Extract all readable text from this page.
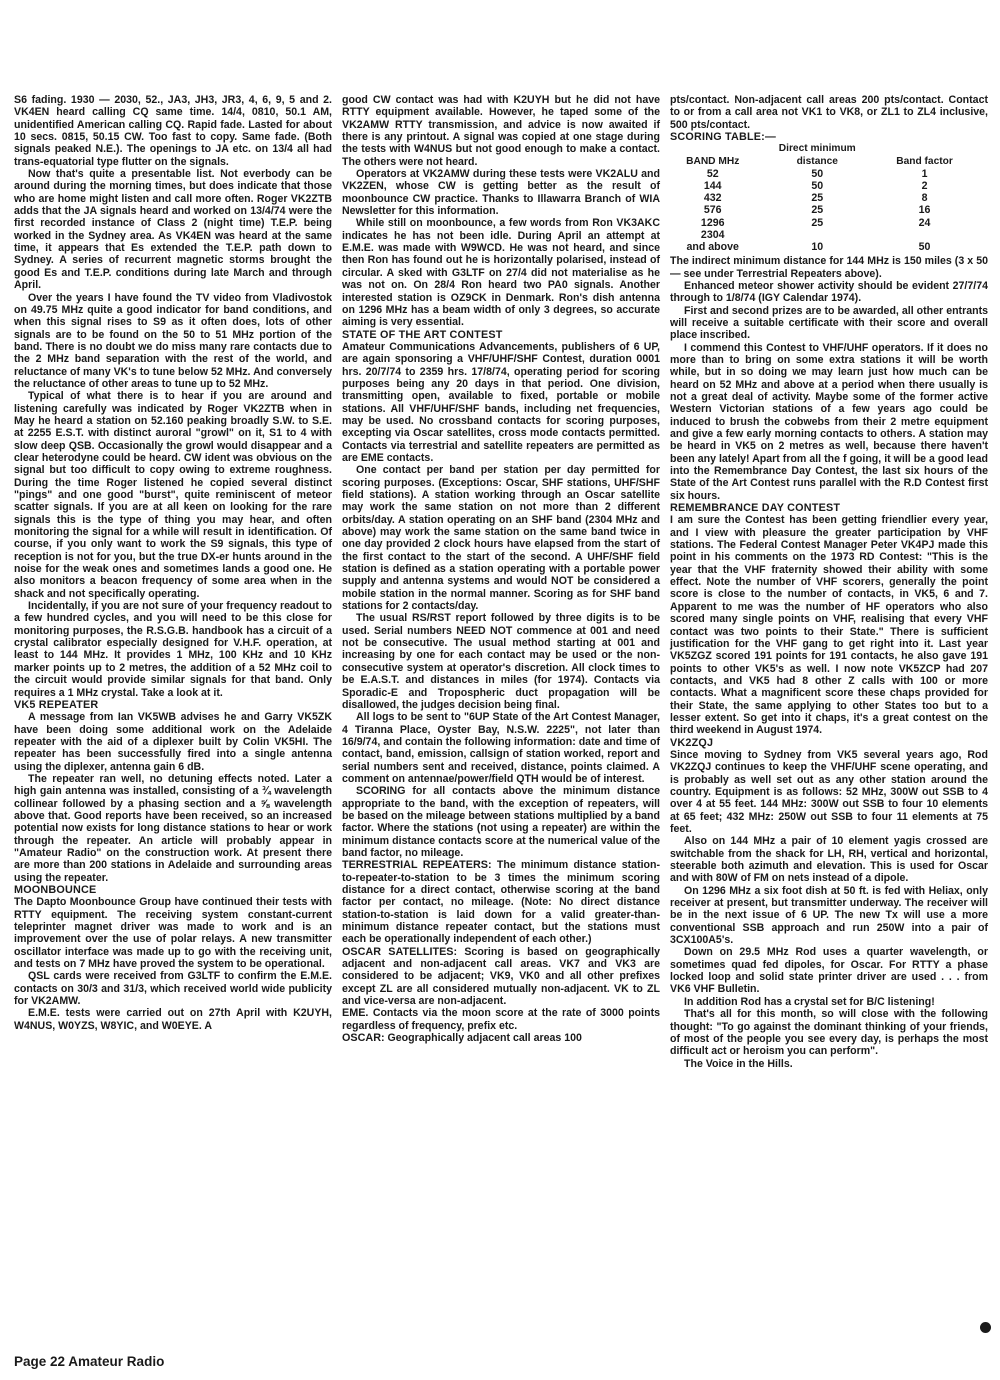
S6 fading. 1930 — 2030, 52., JA3, JH3, JR3, 4, 6, 9, 5 and 2. VK4EN heard calling CQ same time. 14/4, 0810, 50.1 AM, unidentified American calling CQ. Rapid fade. Lasted for about 10 secs. 0815, 50.15 CW. Too fast to copy. Same fade. (Both signals peaked N.E.). The openings to JA etc. on 13/4 all had trans-equatorial type flutter on the signals.

Now that's quite a presentable list. Not everbody can be around during the morning times, but does indicate that those who are home might listen and call more often. Roger VK2ZTB adds that the JA signals heard and worked on 13/4/74 were the first recorded instance of Class 2 (night time) T.E.P. being worked in the Sydney area. As VK4EN was heard at the same time, it appears that Es extended the T.E.P. path down to Sydney. A series of recurrent magnetic storms brought the good Es and T.E.P. conditions during late March and through April.

Over the years I have found the TV video from Vladivostok on 49.75 MHz quite a good indicator for band conditions, and when this signal rises to S9 as it often does, lots of other signals are to be found on the 50 to 51 MHz portion of the band. There is no doubt we do miss many rare contacts due to the 2 MHz band separation with the rest of the world, and reluctance of many VK's to tune below 52 MHz. And conversely the reluctance of other areas to tune up to 52 MHz.

Typical of what there is to hear if you are around and listening carefully was indicated by Roger VK2ZTB when in May he heard a station on 52.160 peaking broadly S.W. to S.E. at 2255 E.S.T. with distinct auroral "growl" on it, S1 to 4 with slow deep QSB. Occasionally the growl would disappear and a clear heterodyne could be heard. CW ident was obvious on the signal but too difficult to copy owing to extreme roughness. During the time Roger listened he copied several distinct "pings" and one good "burst", quite reminiscent of meteor scatter signals. If you are at all keen on looking for the rare signals this is the type of thing you may hear, and often monitoring the signal for a while will result in identification. Of course, if you only want to work the S9 signals, this type of reception is not for you, but the true DX-er hunts around in the noise for the weak ones and sometimes lands a good one. He also monitors a beacon frequency of some area when in the shack and not specifically operating.

Incidentally, if you are not sure of your frequency readout to a few hundred cycles, and you will need to be this close for monitoring purposes, the R.S.G.B. handbook has a circuit of a crystal calibrator especially designed for V.H.F. operation, at least to 144 MHz. It provides 1 MHz, 100 KHz and 10 KHz marker points up to 2 metres, the addition of a 52 MHz coil to the circuit would provide similar signals for that band. Only requires a 1 MHz crystal. Take a look at it.

VK5 REPEATER

A message from Ian VK5WB advises he and Garry VK5ZK have been doing some additional work on the Adelaide repeater with the aid of a diplexer built by Colin VK5HI. The repeater has been successfully fired into a single antenna using the diplexer, antenna gain 6 dB.

The repeater ran well, no detuning effects noted. Later a high gain antenna was installed, consisting of a ¾ wavelength collinear followed by a phasing section and a ⅝ wavelength above that. Good reports have been received, so an increased potential now exists for long distance stations to hear or work through the repeater. An article will probably appear in "Amateur Radio" on the construction work. At present there are more than 200 stations in Adelaide and surrounding areas using the repeater.

MOONBOUNCE

The Dapto Moonbounce Group have continued their tests with RTTY equipment. The receiving system constant-current teleprinter magnet driver was made to work and is an improvement over the use of polar relays. A new transmitter oscillator interface was made up to go with the receiving unit, and tests on 7 MHz have proved the system to be operational.

QSL cards were received from G3LTF to confirm the E.M.E. contacts on 30/3 and 31/3, which received world wide publicity for VK2AMW.

E.M.E. tests were carried out on 27th April with K2UYH, W4NUS, W0YZS, W8YIC, and W0EYE. A

good CW contact was had with K2UYH but he did not have RTTY equipment available. However, he taped some of the VK2AMW RTTY transmission, and advice is now awaited if there is any printout. A signal was copied at one stage during the tests with W4NUS but not good enough to make a contact. The others were not heard.

Operators at VK2AMW during these tests were VK2ALU and VK2ZEN, whose CW is getting better as the result of moonbounce CW practice. Thanks to Illawarra Branch of WIA Newsletter for this information.

While still on moonbounce, a few words from Ron VK3AKC indicates he has not been idle. During April an attempt at E.M.E. was made with W9WCD. He was not heard, and since then Ron has found out he is horizontally polarised, instead of circular. A sked with G3LTF on 27/4 did not materialise as he was not on. On 28/4 Ron heard two PA0 signals. Another interested station is OZ9CK in Denmark. Ron's dish antenna on 1296 MHz has a beam width of only 3 degrees, so accurate aiming is very essential.

STATE OF THE ART CONTEST

Amateur Communications Advancements, publishers of 6 UP, are again sponsoring a VHF/UHF/SHF Contest, duration 0001 hrs. 20/7/74 to 2359 hrs. 17/8/74, operating period for scoring purposes being any 20 days in that period. One division, transmitting open, available to fixed, portable or mobile stations. All VHF/UHF/SHF bands, including net frequencies, may be used. No crossband contacts for scoring purposes, excepting via Oscar satellites, cross mode contacts permitted. Contacts via terrestrial and satellite repeaters are permitted as are EME contacts.

One contact per band per station per day permitted for scoring purposes. (Exceptions: Oscar, SHF stations, UHF/SHF field stations). A station working through an Oscar satellite may work the same station on not more than 2 different orbits/day. A station operating on an SHF band (2304 MHz and above) may work the same station on the same band twice in one day provided 2 clock hours have elapsed from the start of the first contact to the start of the second. A UHF/SHF field station is defined as a station operating with a portable power supply and antenna systems and would NOT be considered a mobile station in the normal manner. Scoring as for SHF band stations for 2 contacts/day.

The usual RS/RST report followed by three digits is to be used. Serial numbers NEED NOT commence at 001 and need not be consecutive. The usual method starting at 001 and increasing by one for each contact may be used or the non-consecutive system at operator's discretion. All clock times to be E.A.S.T. and distances in miles (for 1974). Contacts via Sporadic-E and Tropospheric duct propagation will be disallowed, the judges decision being final.

All logs to be sent to "6UP State of the Art Contest Manager, 4 Tiranna Place, Oyster Bay, N.S.W. 2225", not later than 16/9/74, and contain the following information: date and time of contact, band, emission, callsign of station worked, report and serial numbers sent and received, distance, points claimed. A comment on antennae/power/field QTH would be of interest.

SCORING for all contacts above the minimum distance appropriate to the band, with the exception of repeaters, will be based on the mileage between stations multiplied by a band factor. Where the stations (not using a repeater) are within the minimum distance contacts score at the numerical value of the band factor, no mileage.

TERRESTRIAL REPEATERS: The minimum distance station-to-repeater-to-station to be 3 times the minimum scoring distance for a direct contact, otherwise scoring at the band factor per contact, no mileage. (Note: No direct distance station-to-station is laid down for a valid greater-than-minimum distance repeater contact, but the stations must each be operationally independent of each other.)

OSCAR SATELLITES: Scoring is based on geographically adjacent and non-adjacent call areas. VK7 and VK3 are considered to be adjacent; VK9, VK0 and all other prefixes except ZL are all considered mutually non-adjacent. VK to ZL and vice-versa are non-adjacent.

EME. Contacts via the moon score at the rate of 3000 points regardless of frequency, prefix etc.

OSCAR: Geographically adjacent call areas 100

pts/contact. Non-adjacent call areas 200 pts/contact. Contact to or from a call area not VK1 to VK8, or ZL1 to ZL4 inclusive, 500 pts/contact.

SCORING TABLE:—
	Direct minimum	
BAND MHz	distance	Band factor
52	50	1
144	50	2
432	25	8
576	25	16
1296	25	24
2304		
and above	10	50

The indirect minimum distance for 144 MHz is 150 miles (3 x 50 — see under Terrestrial Repeaters above).

Enhanced meteor shower activity should be evident 27/7/74 through to 1/8/74 (IGY Calendar 1974).

First and second prizes are to be awarded, all other entrants will receive a suitable certificate with their score and overall place inscribed.

I commend this Contest to VHF/UHF operators. If it does no more than to bring on some extra stations it will be worth while, but in so doing we may learn just how much can be heard on 52 MHz and above at a period when there usually is not a great deal of activity. Maybe some of the former active Western Victorian stations of a few years ago could be induced to brush the cobwebs from their 2 metre equipment and give a few early morning contacts to others. A station may be heard in VK5 on 2 metres as well, because there haven't been any lately! Apart from all the f going, it will be a good lead into the Remembrance Day Contest, the last six hours of the State of the Art Contest runs parallel with the R.D Contest first six hours.

REMEMBRANCE DAY CONTEST

I am sure the Contest has been getting friendlier every year, and I view with pleasure the greater participation by VHF stations. The Federal Contest Manager Peter VK4PJ made this point in his comments on the 1973 RD Contest: "This is the year that the VHF fraternity showed their ability with some effect. Note the number of VHF scorers, generally the point score is close to the number of contacts, in VK5, 6 and 7. Apparent to me was the number of HF operators who also scored many single points on VHF, realising that every VHF contact was two points to their State." There is sufficient justification for the VHF gang to get right into it. Last year VK5ZGZ scored 191 points for 191 contacts, he also gave 191 points to other VK5's as well. I now note VK5ZCP had 207 contacts, and VK5 had 8 other Z calls with 100 or more contacts. What a magnificent score these chaps provided for their State, the same applying to other States too but to a lesser extent. So get into it chaps, it's a great contest on the third weekend in August 1974.

VK2ZQJ

Since moving to Sydney from VK5 several years ago, Rod VK2ZQJ continues to keep the VHF/UHF scene operating, and is probably as well set out as any other station around the country. Equipment is as follows: 52 MHz, 300W out SSB to 4 over 4 at 55 feet. 144 MHz: 300W out SSB to four 10 elements at 65 feet; 432 MHz: 250W out SSB to four 11 elements at 75 feet.

Also on 144 MHz a pair of 10 element yagis crossed are switchable from the shack for LH, RH, vertical and horizontal, steerable both azimuth and elevation. This is used for Oscar and with 80W of FM on nets instead of a dipole.

On 1296 MHz a six foot dish at 50 ft. is fed with Heliax, only receiver at present, but transmitter underway. The receiver will be in the next issue of 6 UP. The new Tx will use a more conventional SSB approach and run 250W into a pair of 3CX100A5's.

Down on 29.5 MHz Rod uses a quarter wavelength, or sometimes quad fed dipoles, for Oscar. For RTTY a phase locked loop and solid state printer driver are used . . . from VK6 VHF Bulletin.

In addition Rod has a crystal set for B/C listening!

That's all for this month, so will close with the following thought: "To go against the dominant thinking of your friends, of most of the people you see every day, is perhaps the most difficult act or heroism you can perform".

The Voice in the Hills.

Page 22 Amateur Radio
